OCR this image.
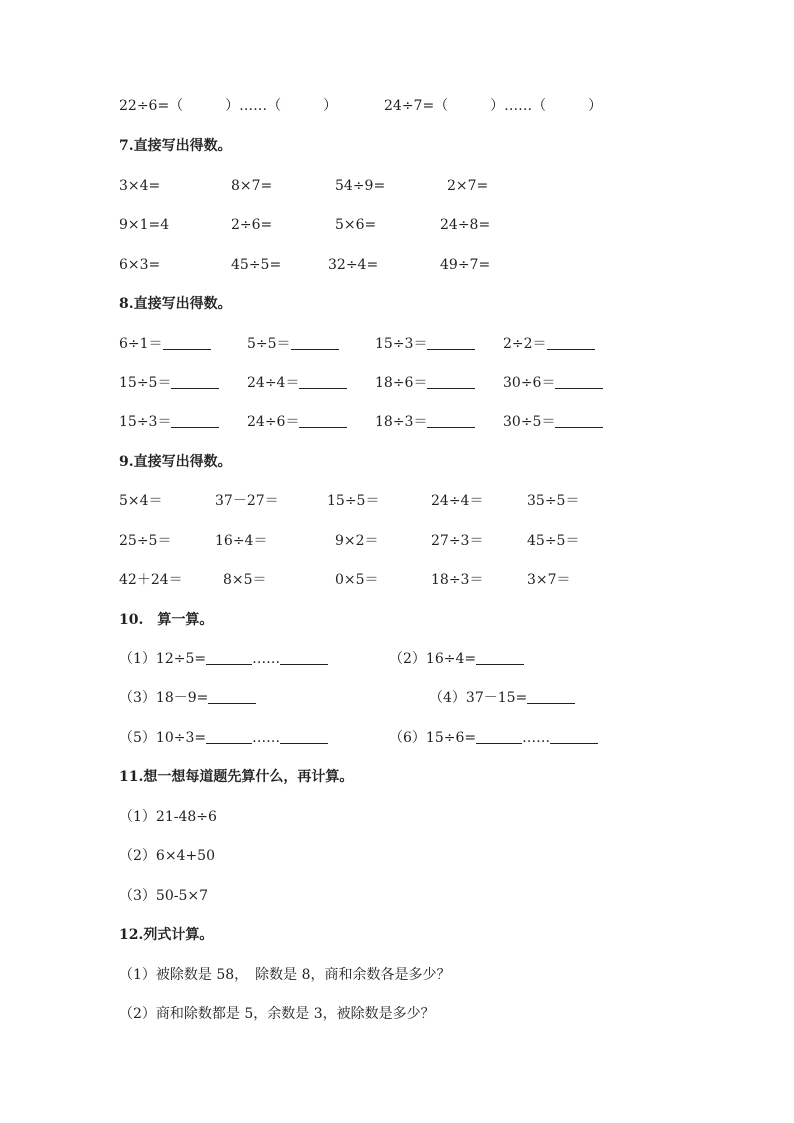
22÷6=（　　　）……（　　　）	24÷7=（　　　）……（　　　）
7.直接写出得数。
3×4=	8×7=	54÷9=	2×7=
9×1=4	2÷6=	5×6=	24÷8=
6×3=	45÷5=	32÷4=	49÷7=
8.直接写出得数。
6÷1＝	5÷5＝	15÷3＝	2÷2＝
15÷5＝	24÷4＝	18÷6＝	30÷6＝
15÷3＝	24÷6＝	18÷3＝	30÷5＝
9.直接写出得数。
5×4＝	37－27＝	15÷5＝	24÷4＝	35÷5＝
25÷5＝	16÷4＝	9×2＝	27÷3＝	45÷5＝
42＋24＝	8×5＝	0×5＝	18÷3＝	3×7＝
10.　算一算。
（1）12÷5=	……	（2）16÷4=
（3）18－9=	（4）37－15=
（5）10÷3=	……	（6）15÷6=	……
11.想一想每道题先算什么，再计算。
（1）21-48÷6
（2）6×4+50
（3）50-5×7
12.列式计算。
（1）被除数是 58，　除数是 8，商和余数各是多少？
（2）商和除数都是 5，余数是 3，被除数是多少？
